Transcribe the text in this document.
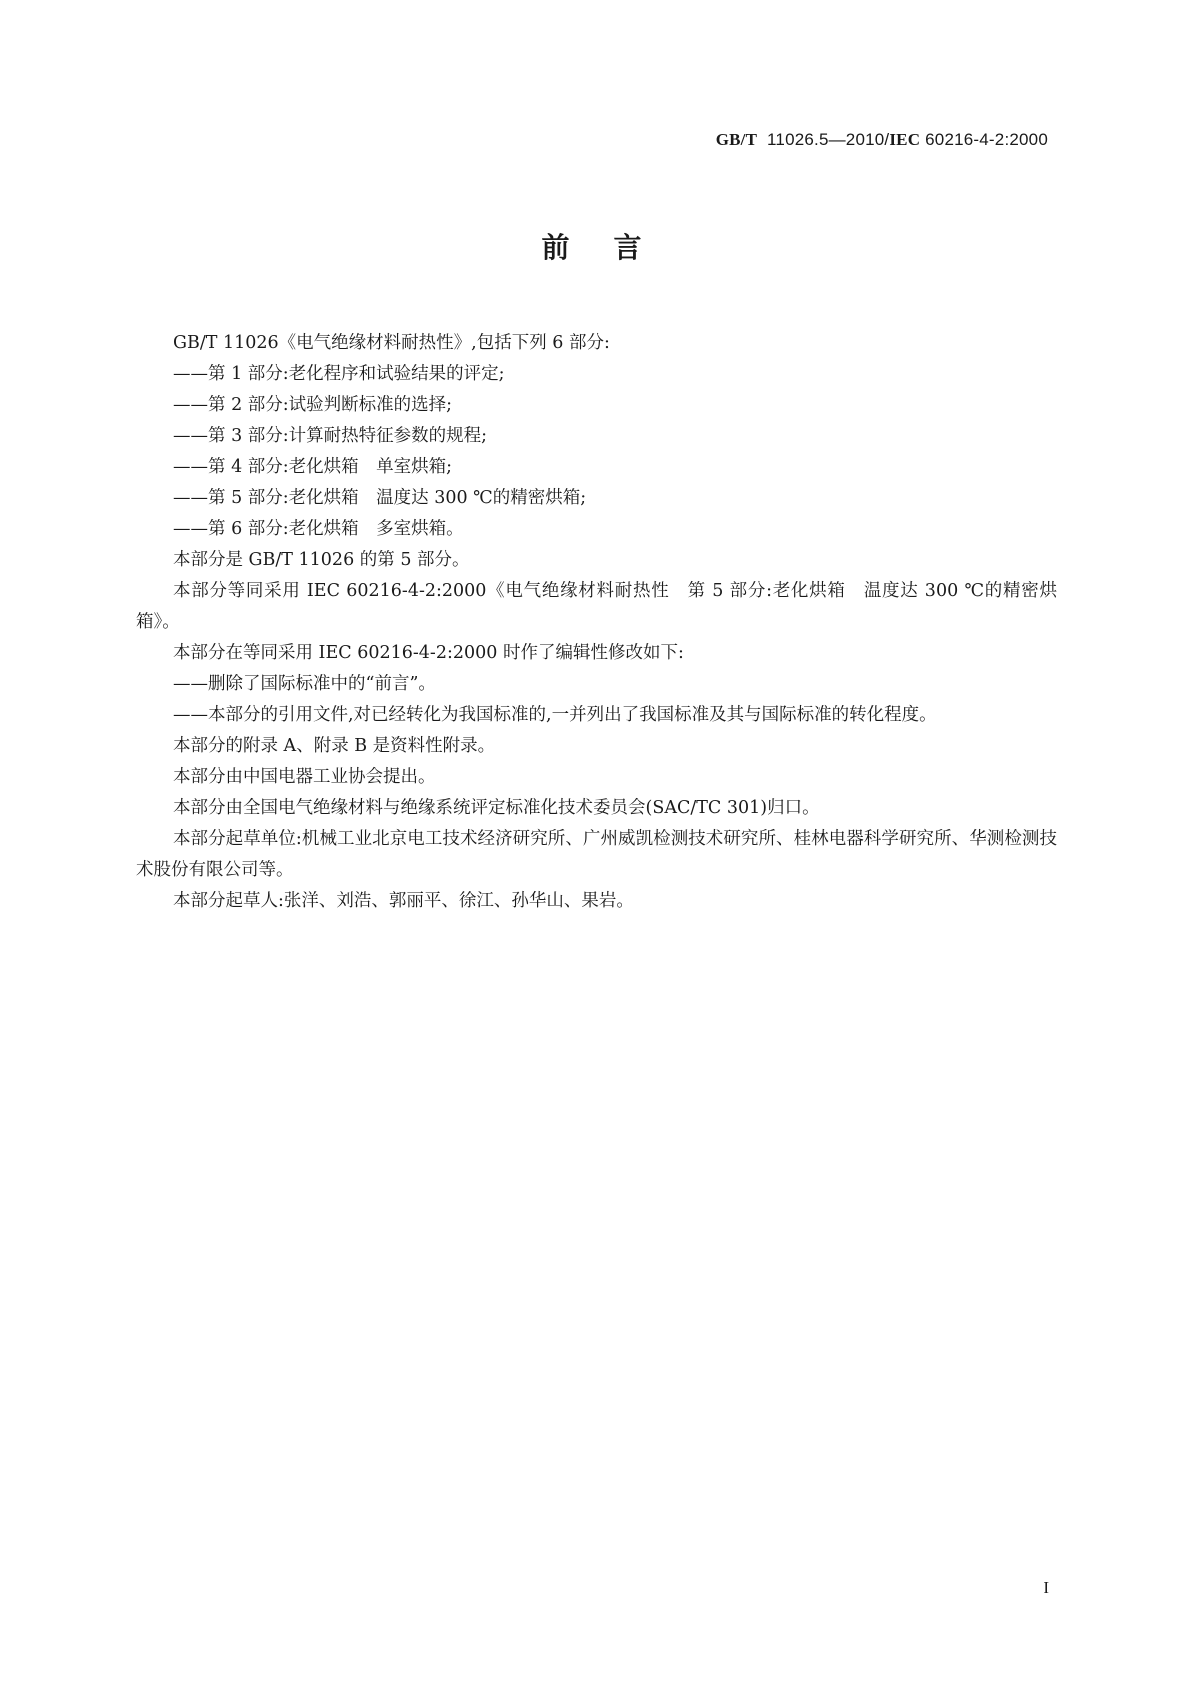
GB/T 11026.5—2010/IEC 60216-4-2:2000
前言

GB/T 11026《电气绝缘材料耐热性》,包括下列 6 部分:

——第 1 部分:老化程序和试验结果的评定;

——第 2 部分:试验判断标准的选择;

——第 3 部分:计算耐热特征参数的规程;

——第 4 部分:老化烘箱　单室烘箱;

——第 5 部分:老化烘箱　温度达 300 ℃的精密烘箱;

——第 6 部分:老化烘箱　多室烘箱。

本部分是 GB/T 11026 的第 5 部分。

本部分等同采用 IEC 60216-4-2:2000《电气绝缘材料耐热性　第 5 部分:老化烘箱　温度达 300 ℃的精密烘箱》。

本部分在等同采用 IEC 60216-4-2:2000 时作了编辑性修改如下:

——删除了国际标准中的“前言”。

——本部分的引用文件,对已经转化为我国标准的,一并列出了我国标准及其与国际标准的转化程度。

本部分的附录 A、附录 B 是资料性附录。

本部分由中国电器工业协会提出。

本部分由全国电气绝缘材料与绝缘系统评定标准化技术委员会(SAC/TC 301)归口。

本部分起草单位:机械工业北京电工技术经济研究所、广州威凯检测技术研究所、桂林电器科学研究所、华测检测技术股份有限公司等。

本部分起草人:张洋、刘浩、郭丽平、徐江、孙华山、果岩。

I
